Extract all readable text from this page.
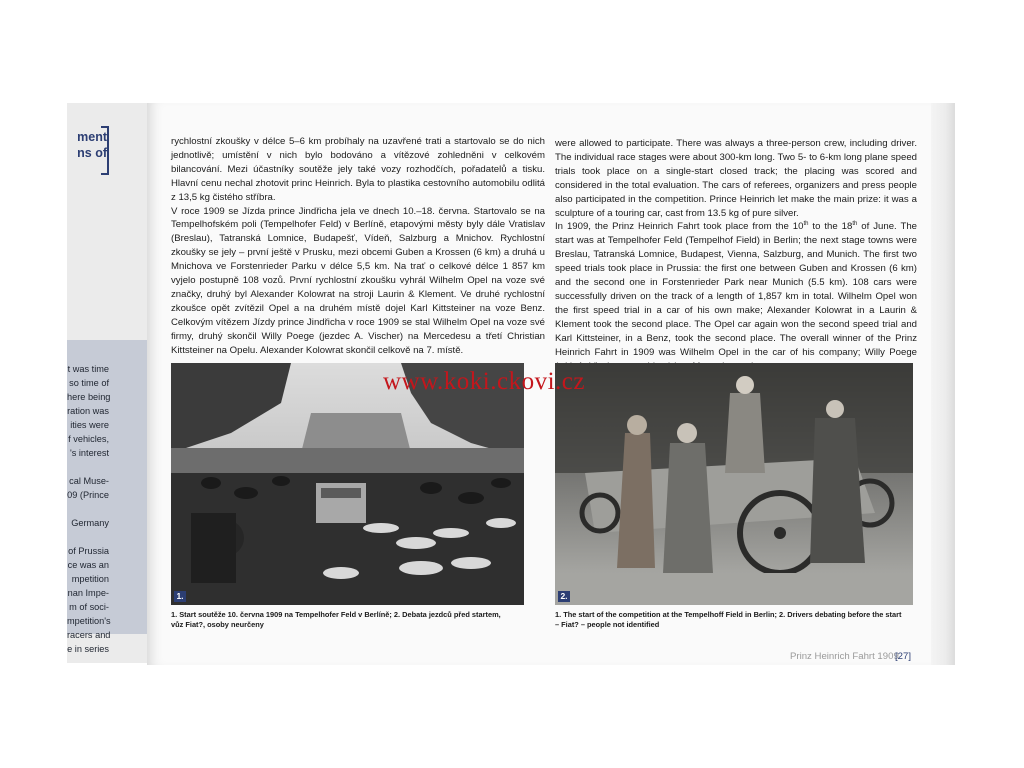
ment
ns of
t was time
so time of
here being
ration was
ities were
f vehicles,
's interest

cal Muse-
09 (Prince

Germany

of Prussia
ce was an
mpetition
nan Impe-
m of soci-
mpetition's
racers and
e in series

rychlostní zkoušky v délce 5–6 km probíhaly na uzavřené trati a startovalo se do nich jednotlivě; umístění v nich bylo bodováno a vítězové zohledněni v celkovém bilancování. Mezi účastníky soutěže jely také vozy rozhodčích, pořadatelů a tisku. Hlavní cenu nechal zhotovit princ Heinrich. Byla to plastika cestovního automobilu odlitá z 13,5 kg čistého stříbra.

V roce 1909 se Jízda prince Jindřicha jela ve dnech 10.–18. června. Startovalo se na Tempelhofském poli (Tempelhofer Feld) v Berlíně, etapovými městy byly dále Vratislav (Breslau), Tatranská Lomnice, Budapešť, Vídeň, Salzburg a Mnichov. Rychlostní zkoušky se jely – první ještě v Prusku, mezi obcemi Guben a Krossen (6 km) a druhá u Mnichova ve Forstenrieder Parku v délce 5,5 km. Na trať o celkové délce 1 857 km vyjelo postupně 108 vozů. První rychlostní zkoušku vyhrál Wilhelm Opel na voze své značky, druhý byl Alexander Kolowrat na stroji Laurin & Klement. Ve druhé rychlostní zkoušce opět zvítězil Opel a na druhém místě dojel Karl Kittsteiner na voze Benz. Celkovým vítězem Jízdy prince Jindřicha v roce 1909 se stal Wilhelm Opel na voze své firmy, druhý skončil Willy Poege (jezdec A. Vischer) na Mercedesu a třetí Christian Kittsteiner na Opelu. Alexander Kolowrat skončil celkově na 7. místě.

were allowed to participate. There was always a three-person crew, including driver. The individual race stages were about 300-km long. Two 5- to 6-km long plane speed trials took place on a single-start closed track; the placing was scored and considered in the total evaluation. The cars of referees, organizers and press people also participated in the competition. Prince Heinrich let make the main prize: it was a sculpture of a touring car, cast from 13.5 kg of pure silver.

In 1909, the Prinz Heinrich Fahrt took place from the 10th to the 18th of June. The start was at Tempelhofer Feld (Tempelhof Field) in Berlin; the next stage towns were Breslau, Tatranská Lomnice, Budapest, Vienna, Salzburg, and Munich. The first two speed trials took place in Prussia: the first one between Guben and Krossen (6 km) and the second one in Forstenrieder Park near Munich (5.5 km). 108 cars were successfully driven on the track of a length of 1,857 km in total. Wilhelm Opel won the first speed trial in a car of his own make; Alexander Kolowrat in a Laurin & Klement took the second place. The Opel car again won the second speed trial and Karl Kittsteiner, in a Benz, took the second place. The overall winner of the Prinz Heinrich Fahrt in 1909 was Wilhelm Opel in the car of his company; Willy Poege

1.	2.
1. Start soutěže 10. června 1909 na Tempelhofer Feld v Berlíně; 2. Debata jezdců před startem, vůz Fiat?, osoby neurčeny
1. The start of the competition at the Tempelhoff Field in Berlin; 2. Drivers debating before the start – Fiat? – people not identified
www.koki.ckovi.cz
Prinz Heinrich Fahrt 1909
[27]
